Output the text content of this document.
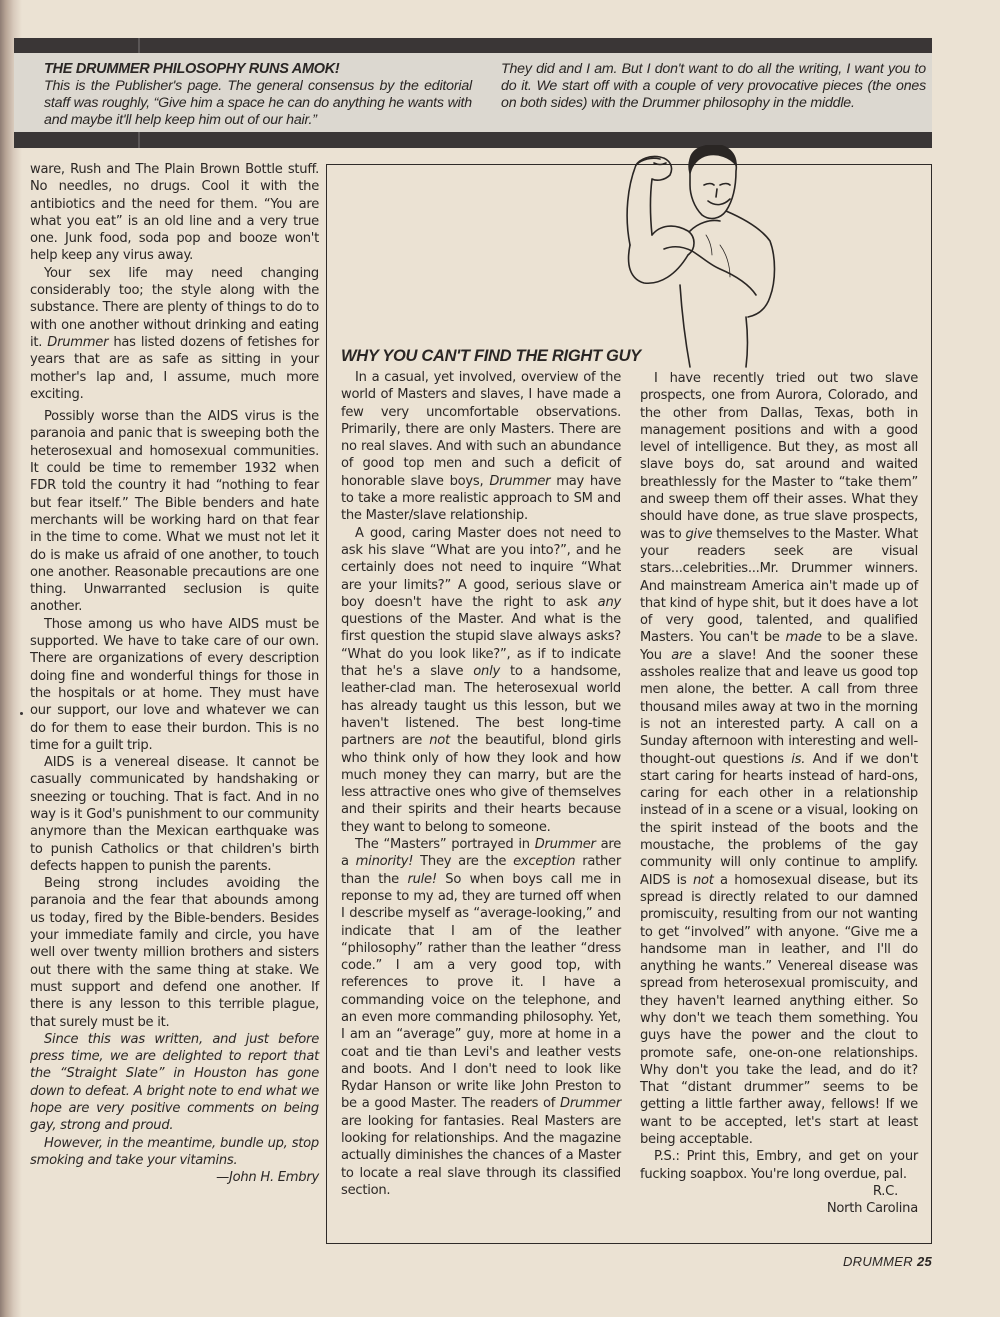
THE DRUMMER PHILOSOPHY RUNS AMOK!
This is the Publisher's page. The general consensus by the editorial staff was roughly, “Give him a space he can do anything he wants with and maybe it'll help keep him out of our hair.”
They did and I am. But I don't want to do all the writing, I want you to do it. We start off with a couple of very provocative pieces (the ones on both sides) with the Drummer philosophy in the middle.

ware, Rush and The Plain Brown Bottle stuff. No needles, no drugs. Cool it with the antibiotics and the need for them. “You are what you eat” is an old line and a very true one. Junk food, soda pop and booze won't help keep any virus away.

Your sex life may need changing considerably too; the style along with the substance. There are plenty of things to do to with one another without drinking and eating it. Drummer has listed dozens of fetishes for years that are as safe as sitting in your mother's lap and, I assume, much more exciting.

Possibly worse than the AIDS virus is the paranoia and panic that is sweeping both the heterosexual and homosexual communities. It could be time to remember 1932 when FDR told the country it had “nothing to fear but fear itself.” The Bible benders and hate merchants will be working hard on that fear in the time to come. What we must not let it do is make us afraid of one another, to touch one another. Reasonable precautions are one thing. Unwarranted seclusion is quite another.

Those among us who have AIDS must be supported. We have to take care of our own. There are organizations of every description doing fine and wonderful things for those in the hospitals or at home. They must have our support, our love and whatever we can do for them to ease their burdon. This is no time for a guilt trip.

AIDS is a venereal disease. It cannot be casually communicated by handshaking or sneezing or touching. That is fact. And in no way is it God's punishment to our community anymore than the Mexican earthquake was to punish Catholics or that children's birth defects happen to punish the parents.

Being strong includes avoiding the paranoia and the fear that abounds among us today, fired by the Bible-benders. Besides your immediate family and circle, you have well over twenty million brothers and sisters out there with the same thing at stake. We must support and defend one another. If there is any lesson to this terrible plague, that surely must be it.

Since this was written, and just before press time, we are delighted to report that the “Straight Slate” in Houston has gone down to defeat. A bright note to end what we hope are very positive comments on being gay, strong and proud.

However, in the meantime, bundle up, stop smoking and take your vitamins.

—John H. Embry

WHY YOU CAN'T FIND THE RIGHT GUY

In a casual, yet involved, overview of the world of Masters and slaves, I have made a few very uncomfortable observations. Primarily, there are only Masters. There are no real slaves. And with such an abundance of good top men and such a deficit of honorable slave boys, Drummer may have to take a more realistic approach to SM and the Master/slave relationship.

A good, caring Master does not need to ask his slave “What are you into?”, and he certainly does not need to inquire “What are your limits?” A good, serious slave or boy doesn't have the right to ask any questions of the Master. And what is the first question the stupid slave always asks? “What do you look like?”, as if to indicate that he's a slave only to a handsome, leather-clad man. The heterosexual world has already taught us this lesson, but we haven't listened. The best long-time partners are not the beautiful, blond girls who think only of how they look and how much money they can marry, but are the less attractive ones who give of themselves and their spirits and their hearts because they want to belong to someone.

The “Masters” portrayed in Drummer are a minority! They are the exception rather than the rule! So when boys call me in reponse to my ad, they are turned off when I describe myself as “average-looking,” and indicate that I am of the leather “philosophy” rather than the leather “dress code.” I am a very good top, with references to prove it. I have a commanding voice on the telephone, and an even more commanding philosophy. Yet, I am an “average” guy, more at home in a coat and tie than Levi's and leather vests and boots. And I don't need to look like Rydar Hanson or write like John Preston to be a good Master. The readers of Drummer are looking for fantasies. Real Masters are looking for relationships. And the magazine actually diminishes the chances of a Master to locate a real slave through its classified section.

I have recently tried out two slave prospects, one from Aurora, Colorado, and the other from Dallas, Texas, both in management positions and with a good level of intelligence. But they, as most all slave boys do, sat around and waited breathlessly for the Master to “take them” and sweep them off their asses. What they should have done, as true slave prospects, was to give themselves to the Master. What your readers seek are visual stars...celebrities...Mr. Drummer winners. And mainstream America ain't made up of that kind of hype shit, but it does have a lot of very good, talented, and qualified Masters. You can't be made to be a slave. You are a slave! And the sooner these assholes realize that and leave us good top men alone, the better. A call from three thousand miles away at two in the morning is not an interested party. A call on a Sunday afternoon with interesting and well-thought-out questions is. And if we don't start caring for hearts instead of hard-ons, caring for each other in a relationship instead of in a scene or a visual, looking on the spirit instead of the boots and the moustache, the problems of the gay community will only continue to amplify. AIDS is not a homosexual disease, but its spread is directly related to our damned promiscuity, resulting from our not wanting to get “involved” with anyone. “Give me a handsome man in leather, and I'll do anything he wants.” Venereal disease was spread from heterosexual promiscuity, and they haven't learned anything either. So why don't we teach them something. You guys have the power and the clout to promote safe, one-on-one relationships. Why don't you take the lead, and do it? That “distant drummer” seems to be getting a little farther away, fellows! If we want to be accepted, let's start at least being acceptable.

P.S.: Print this, Embry, and get on your fucking soapbox. You're long overdue, pal.

R.C.

North Carolina

DRUMMER 25
